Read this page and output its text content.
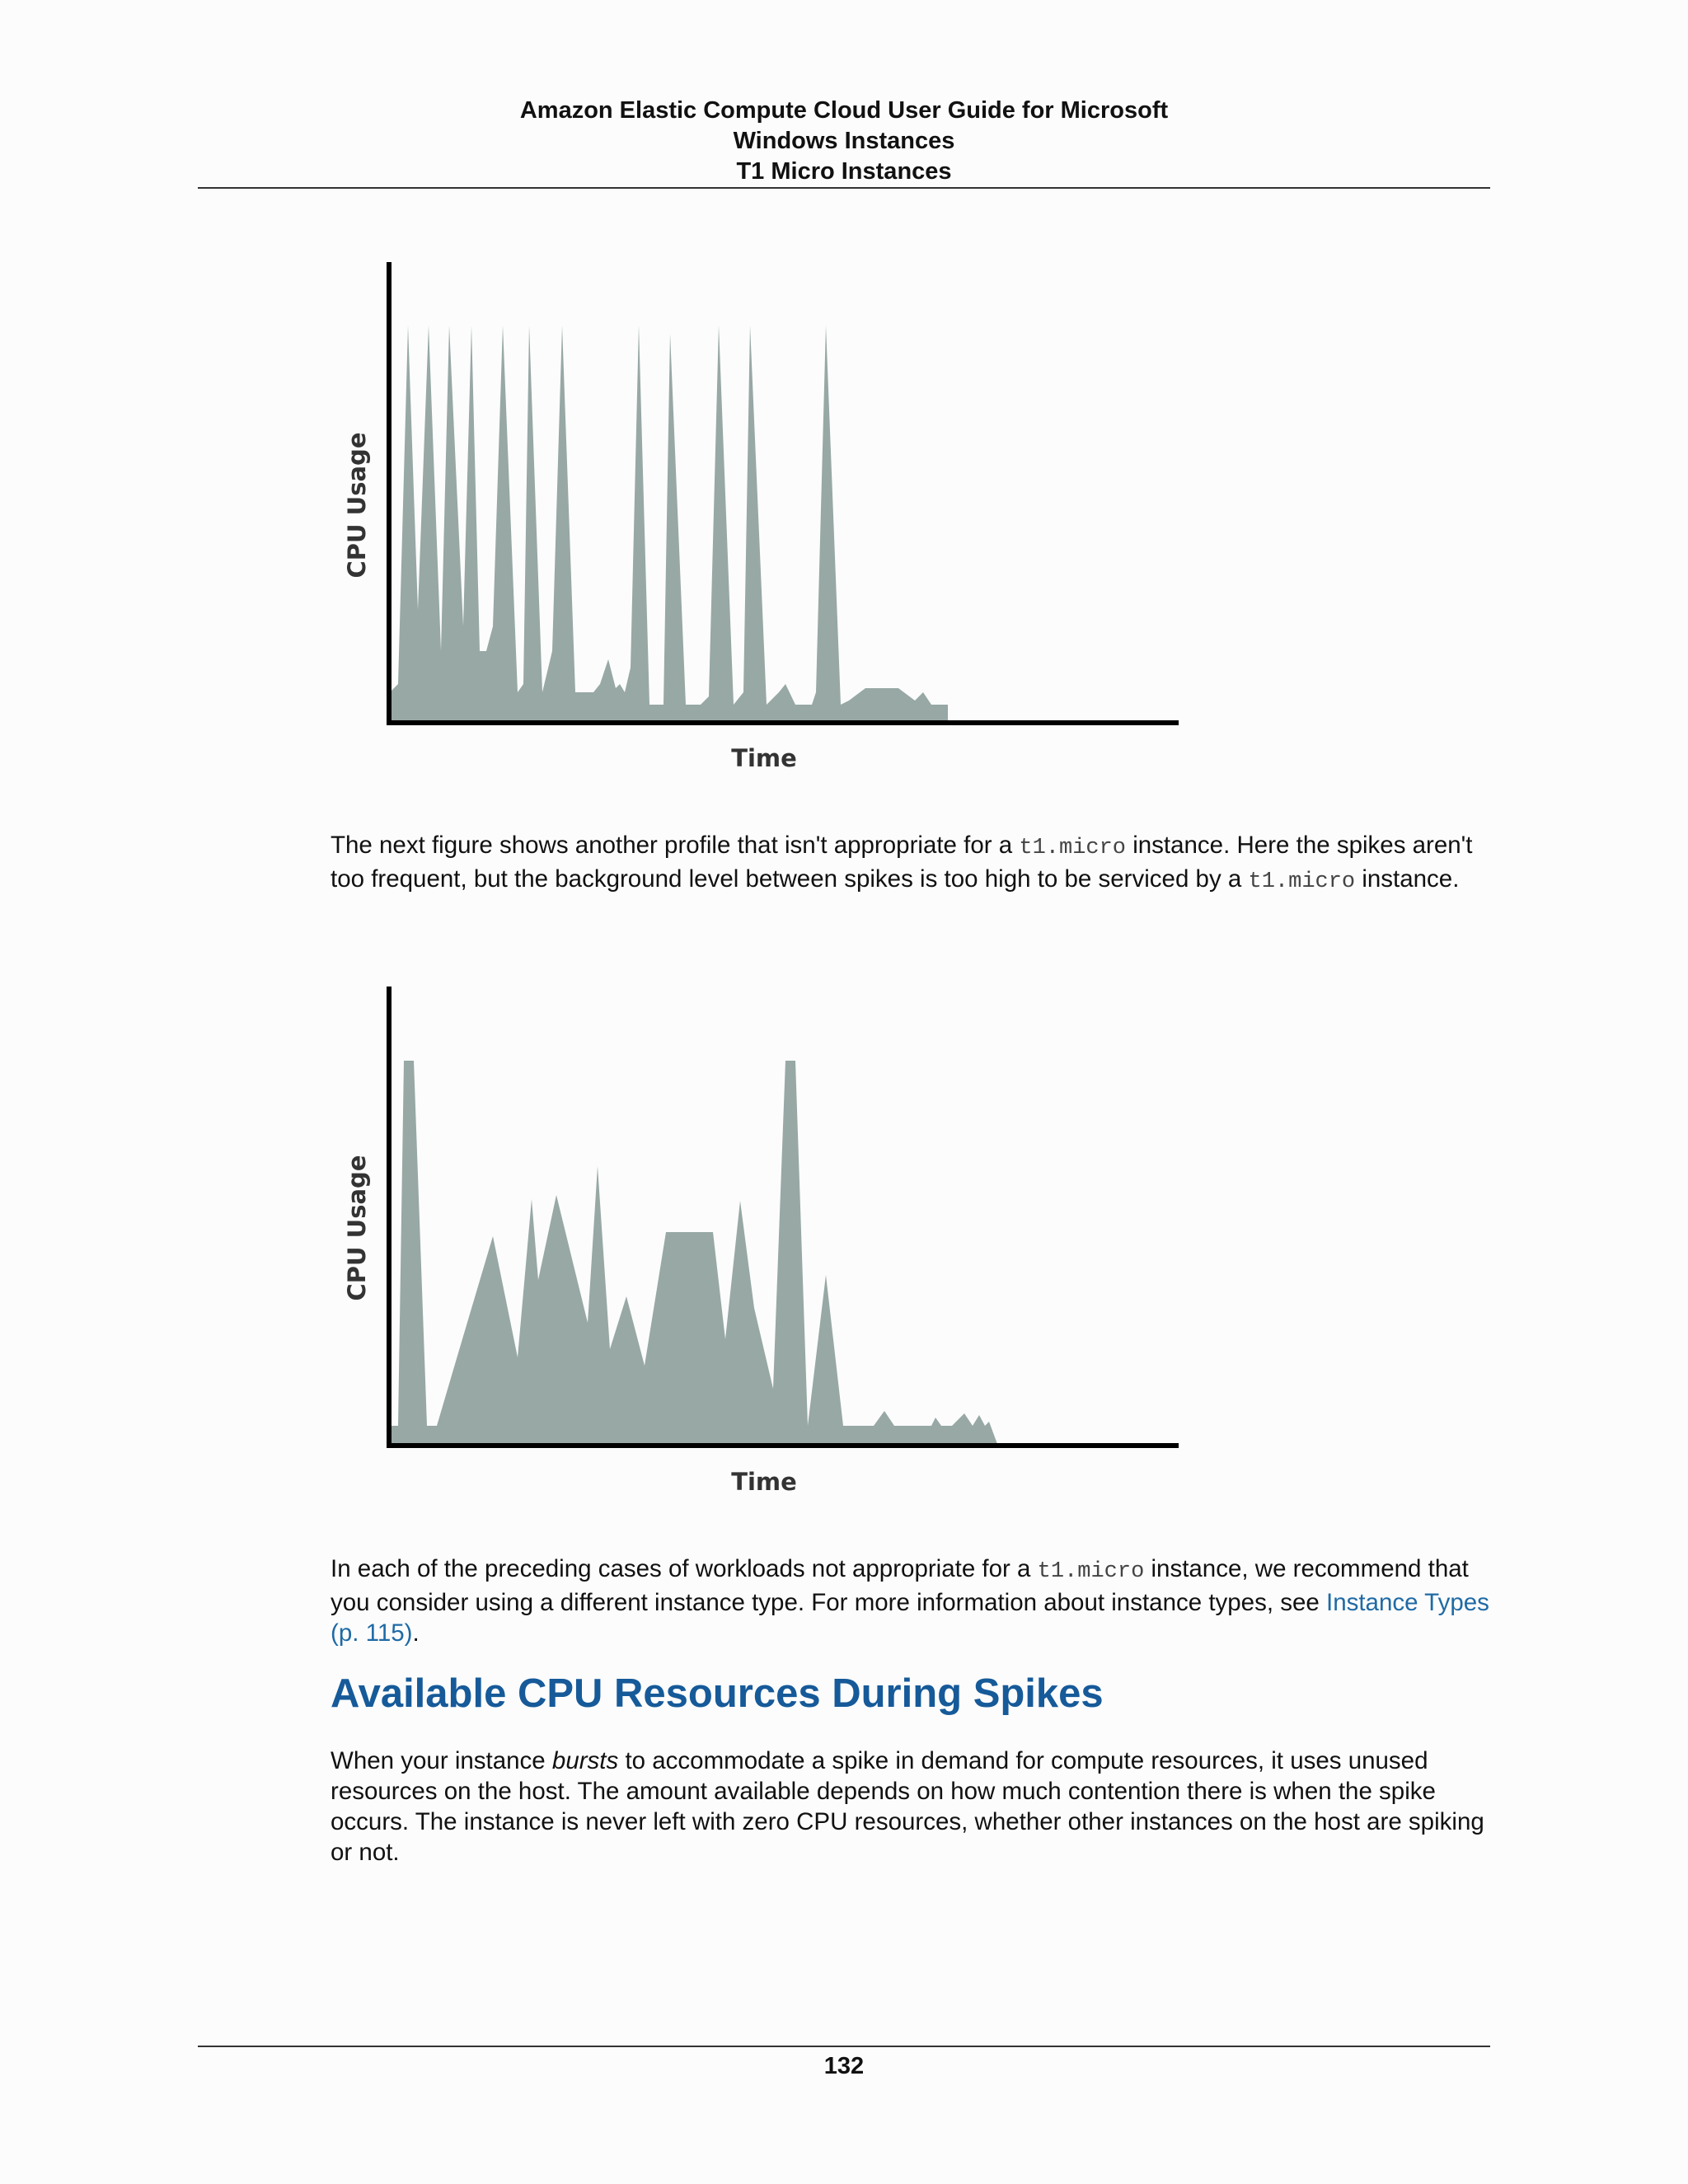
Amazon Elastic Compute Cloud User Guide for Microsoft
Windows Instances
T1 Micro Instances
CPU Usage
Time
The next figure shows another profile that isn't appropriate for a t1.micro instance. Here the spikes aren't too frequent, but the background level between spikes is too high to be serviced by a t1.micro instance.
CPU Usage
Time
In each of the preceding cases of workloads not appropriate for a t1.micro instance, we recommend that you consider using a different instance type. For more information about instance types, see Instance Types (p. 115).
Available CPU Resources During Spikes
When your instance bursts to accommodate a spike in demand for compute resources, it uses unused resources on the host. The amount available depends on how much contention there is when the spike occurs. The instance is never left with zero CPU resources, whether other instances on the host are spiking or not.
132
